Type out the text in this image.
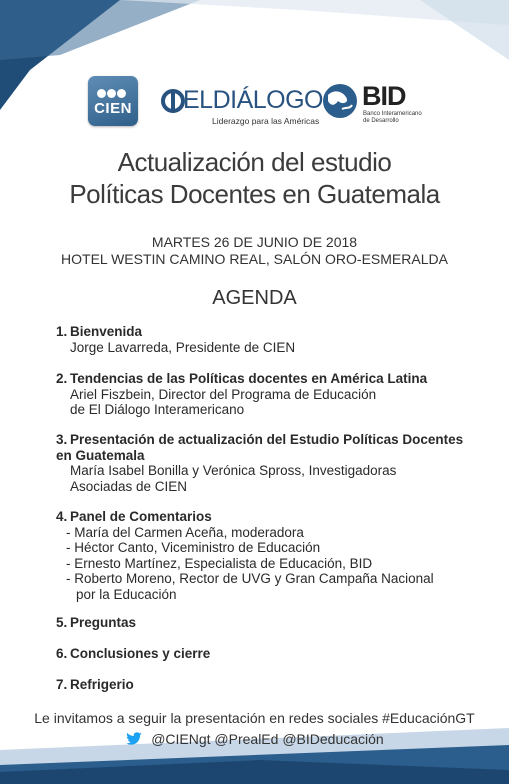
CIEN ELDIÁLOGO
Liderazgo para las Américas
BID
Banco Interamericano de Desarrollo
Actualización del estudio
Políticas Docentes en Guatemala
MARTES 26 DE JUNIO DE 2018
HOTEL WESTIN CAMINO REAL, SALÓN ORO-ESMERALDA
AGENDA
1. Bienvenida
Jorge Lavarreda, Presidente de CIEN
2. Tendencias de las Políticas docentes en América Latina
Ariel Fiszbein, Director del Programa de Educación
de El Diálogo Interamericano
3. Presentación de actualización del Estudio Políticas Docentes
en Guatemala
María Isabel Bonilla y Verónica Spross, Investigadoras
Asociadas de CIEN
4. Panel de Comentarios
- María del Carmen Aceña, moderadora
- Héctor Canto, Viceministro de Educación
- Ernesto Martínez, Especialista de Educación, BID
- Roberto Moreno, Rector de UVG y Gran Campaña Nacional
por la Educación
5. Preguntas
6. Conclusiones y cierre
7. Refrigerio
Le invitamos a seguir la presentación en redes sociales #EducaciónGT
@CIENgt @PrealEd @BIDeducación
